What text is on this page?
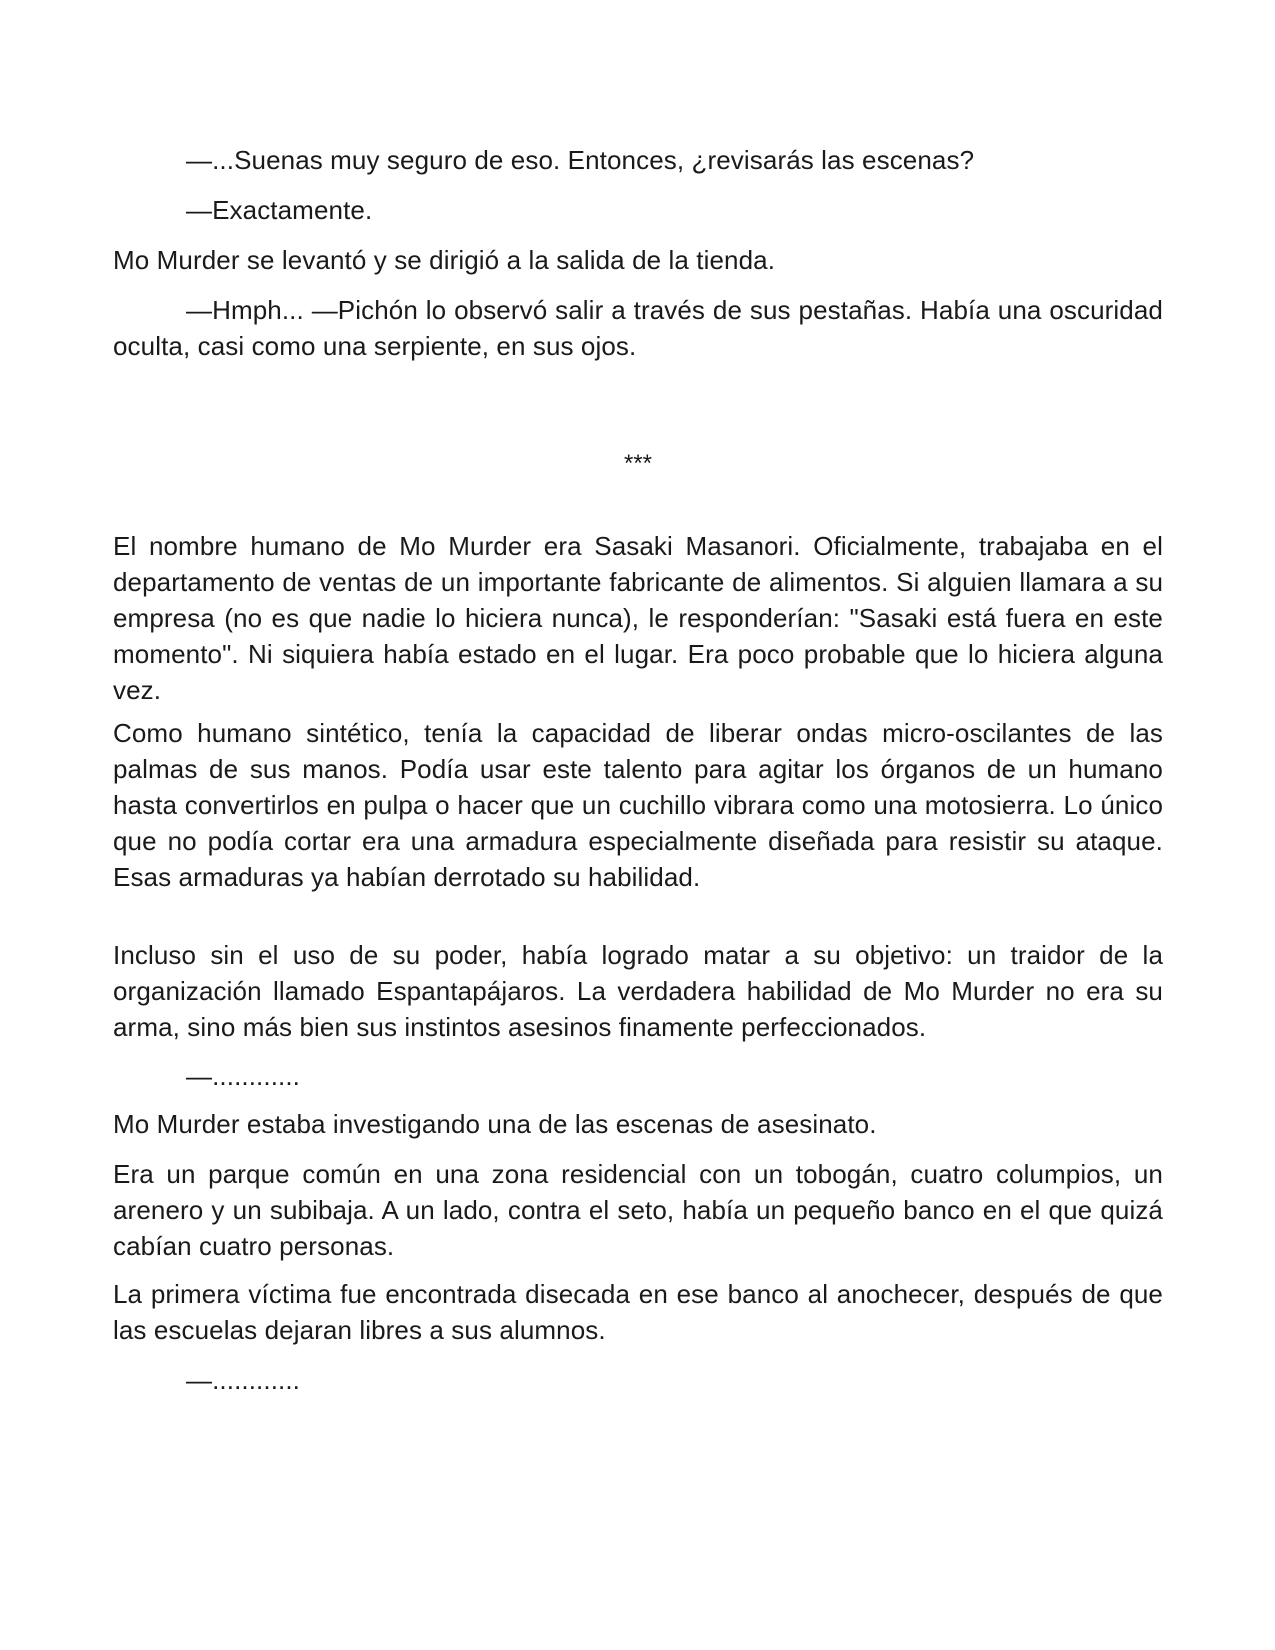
—...Suenas muy seguro de eso. Entonces, ¿revisarás las escenas?

—Exactamente.

Mo Murder se levantó y se dirigió a la salida de la tienda.

—Hmph... —Pichón lo observó salir a través de sus pestañas. Había una oscuridad oculta, casi como una serpiente, en sus ojos.

***

El nombre humano de Mo Murder era Sasaki Masanori. Oficialmente, trabajaba en el departamento de ventas de un importante fabricante de alimentos. Si alguien llamara a su empresa (no es que nadie lo hiciera nunca), le responderían: "Sasaki está fuera en este momento". Ni siquiera había estado en el lugar. Era poco probable que lo hiciera alguna vez.

Como humano sintético, tenía la capacidad de liberar ondas micro-oscilantes de las palmas de sus manos. Podía usar este talento para agitar los órganos de un humano hasta convertirlos en pulpa o hacer que un cuchillo vibrara como una motosierra. Lo único que no podía cortar era una armadura especialmente diseñada para resistir su ataque. Esas armaduras ya habían derrotado su habilidad.

Incluso sin el uso de su poder, había logrado matar a su objetivo: un traidor de la organización llamado Espantapájaros. La verdadera habilidad de Mo Murder no era su arma, sino más bien sus instintos asesinos finamente perfeccionados.

—............

Mo Murder estaba investigando una de las escenas de asesinato.

Era un parque común en una zona residencial con un tobogán, cuatro columpios, un arenero y un subibaja. A un lado, contra el seto, había un pequeño banco en el que quizá cabían cuatro personas.

La primera víctima fue encontrada disecada en ese banco al anochecer, después de que las escuelas dejaran libres a sus alumnos.

—............
